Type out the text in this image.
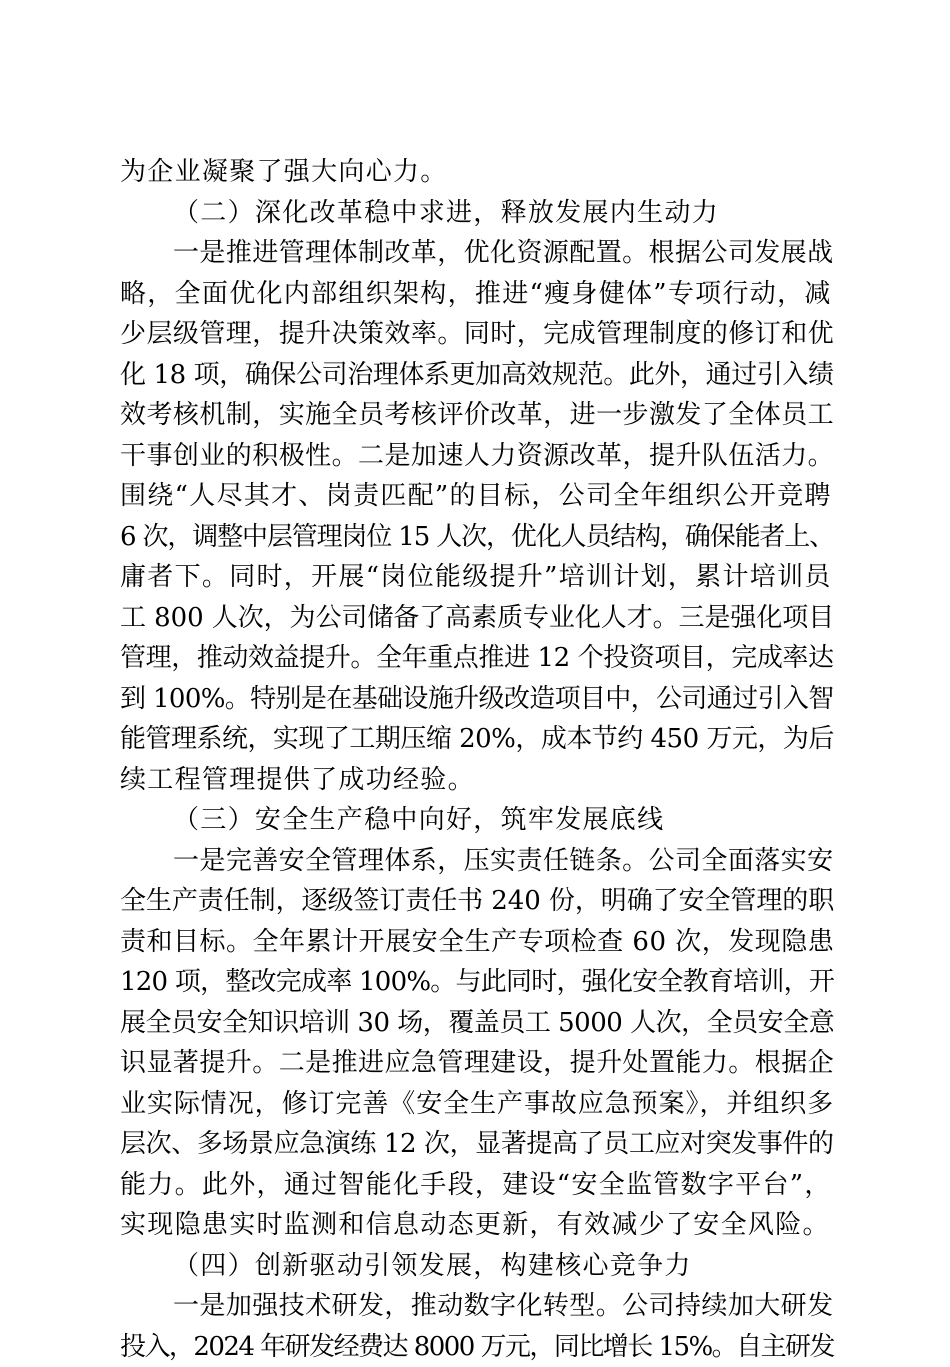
为企业凝聚了强大向心力。
（二）深化改革稳中求进，释放发展内生动力
一是推进管理体制改革，优化资源配置。根据公司发展战
略，全面优化内部组织架构，推进“瘦身健体”专项行动，减
少层级管理，提升决策效率。同时，完成管理制度的修订和优
化 18 项，确保公司治理体系更加高效规范。此外，通过引入绩
效考核机制，实施全员考核评价改革，进一步激发了全体员工
干事创业的积极性。二是加速人力资源改革，提升队伍活力。
围绕“人尽其才、岗责匹配”的目标，公司全年组织公开竞聘
6 次，调整中层管理岗位 15 人次，优化人员结构，确保能者上、
庸者下。同时，开展“岗位能级提升”培训计划，累计培训员
工 800 人次，为公司储备了高素质专业化人才。三是强化项目
管理，推动效益提升。全年重点推进 12 个投资项目，完成率达
到 100%。特别是在基础设施升级改造项目中，公司通过引入智
能管理系统，实现了工期压缩 20%，成本节约 450 万元，为后
续工程管理提供了成功经验。
（三）安全生产稳中向好，筑牢发展底线
一是完善安全管理体系，压实责任链条。公司全面落实安
全生产责任制，逐级签订责任书 240 份，明确了安全管理的职
责和目标。全年累计开展安全生产专项检查 60 次，发现隐患
120 项，整改完成率 100%。与此同时，强化安全教育培训，开
展全员安全知识培训 30 场，覆盖员工 5000 人次，全员安全意
识显著提升。二是推进应急管理建设，提升处置能力。根据企
业实际情况，修订完善《安全生产事故应急预案》，并组织多
层次、多场景应急演练 12 次，显著提高了员工应对突发事件的
能力。此外，通过智能化手段，建设“安全监管数字平台”，
实现隐患实时监测和信息动态更新，有效减少了安全风险。
（四）创新驱动引领发展，构建核心竞争力
一是加强技术研发，推动数字化转型。公司持续加大研发
投入，2024 年研发经费达 8000 万元，同比增长 15%。自主研发
